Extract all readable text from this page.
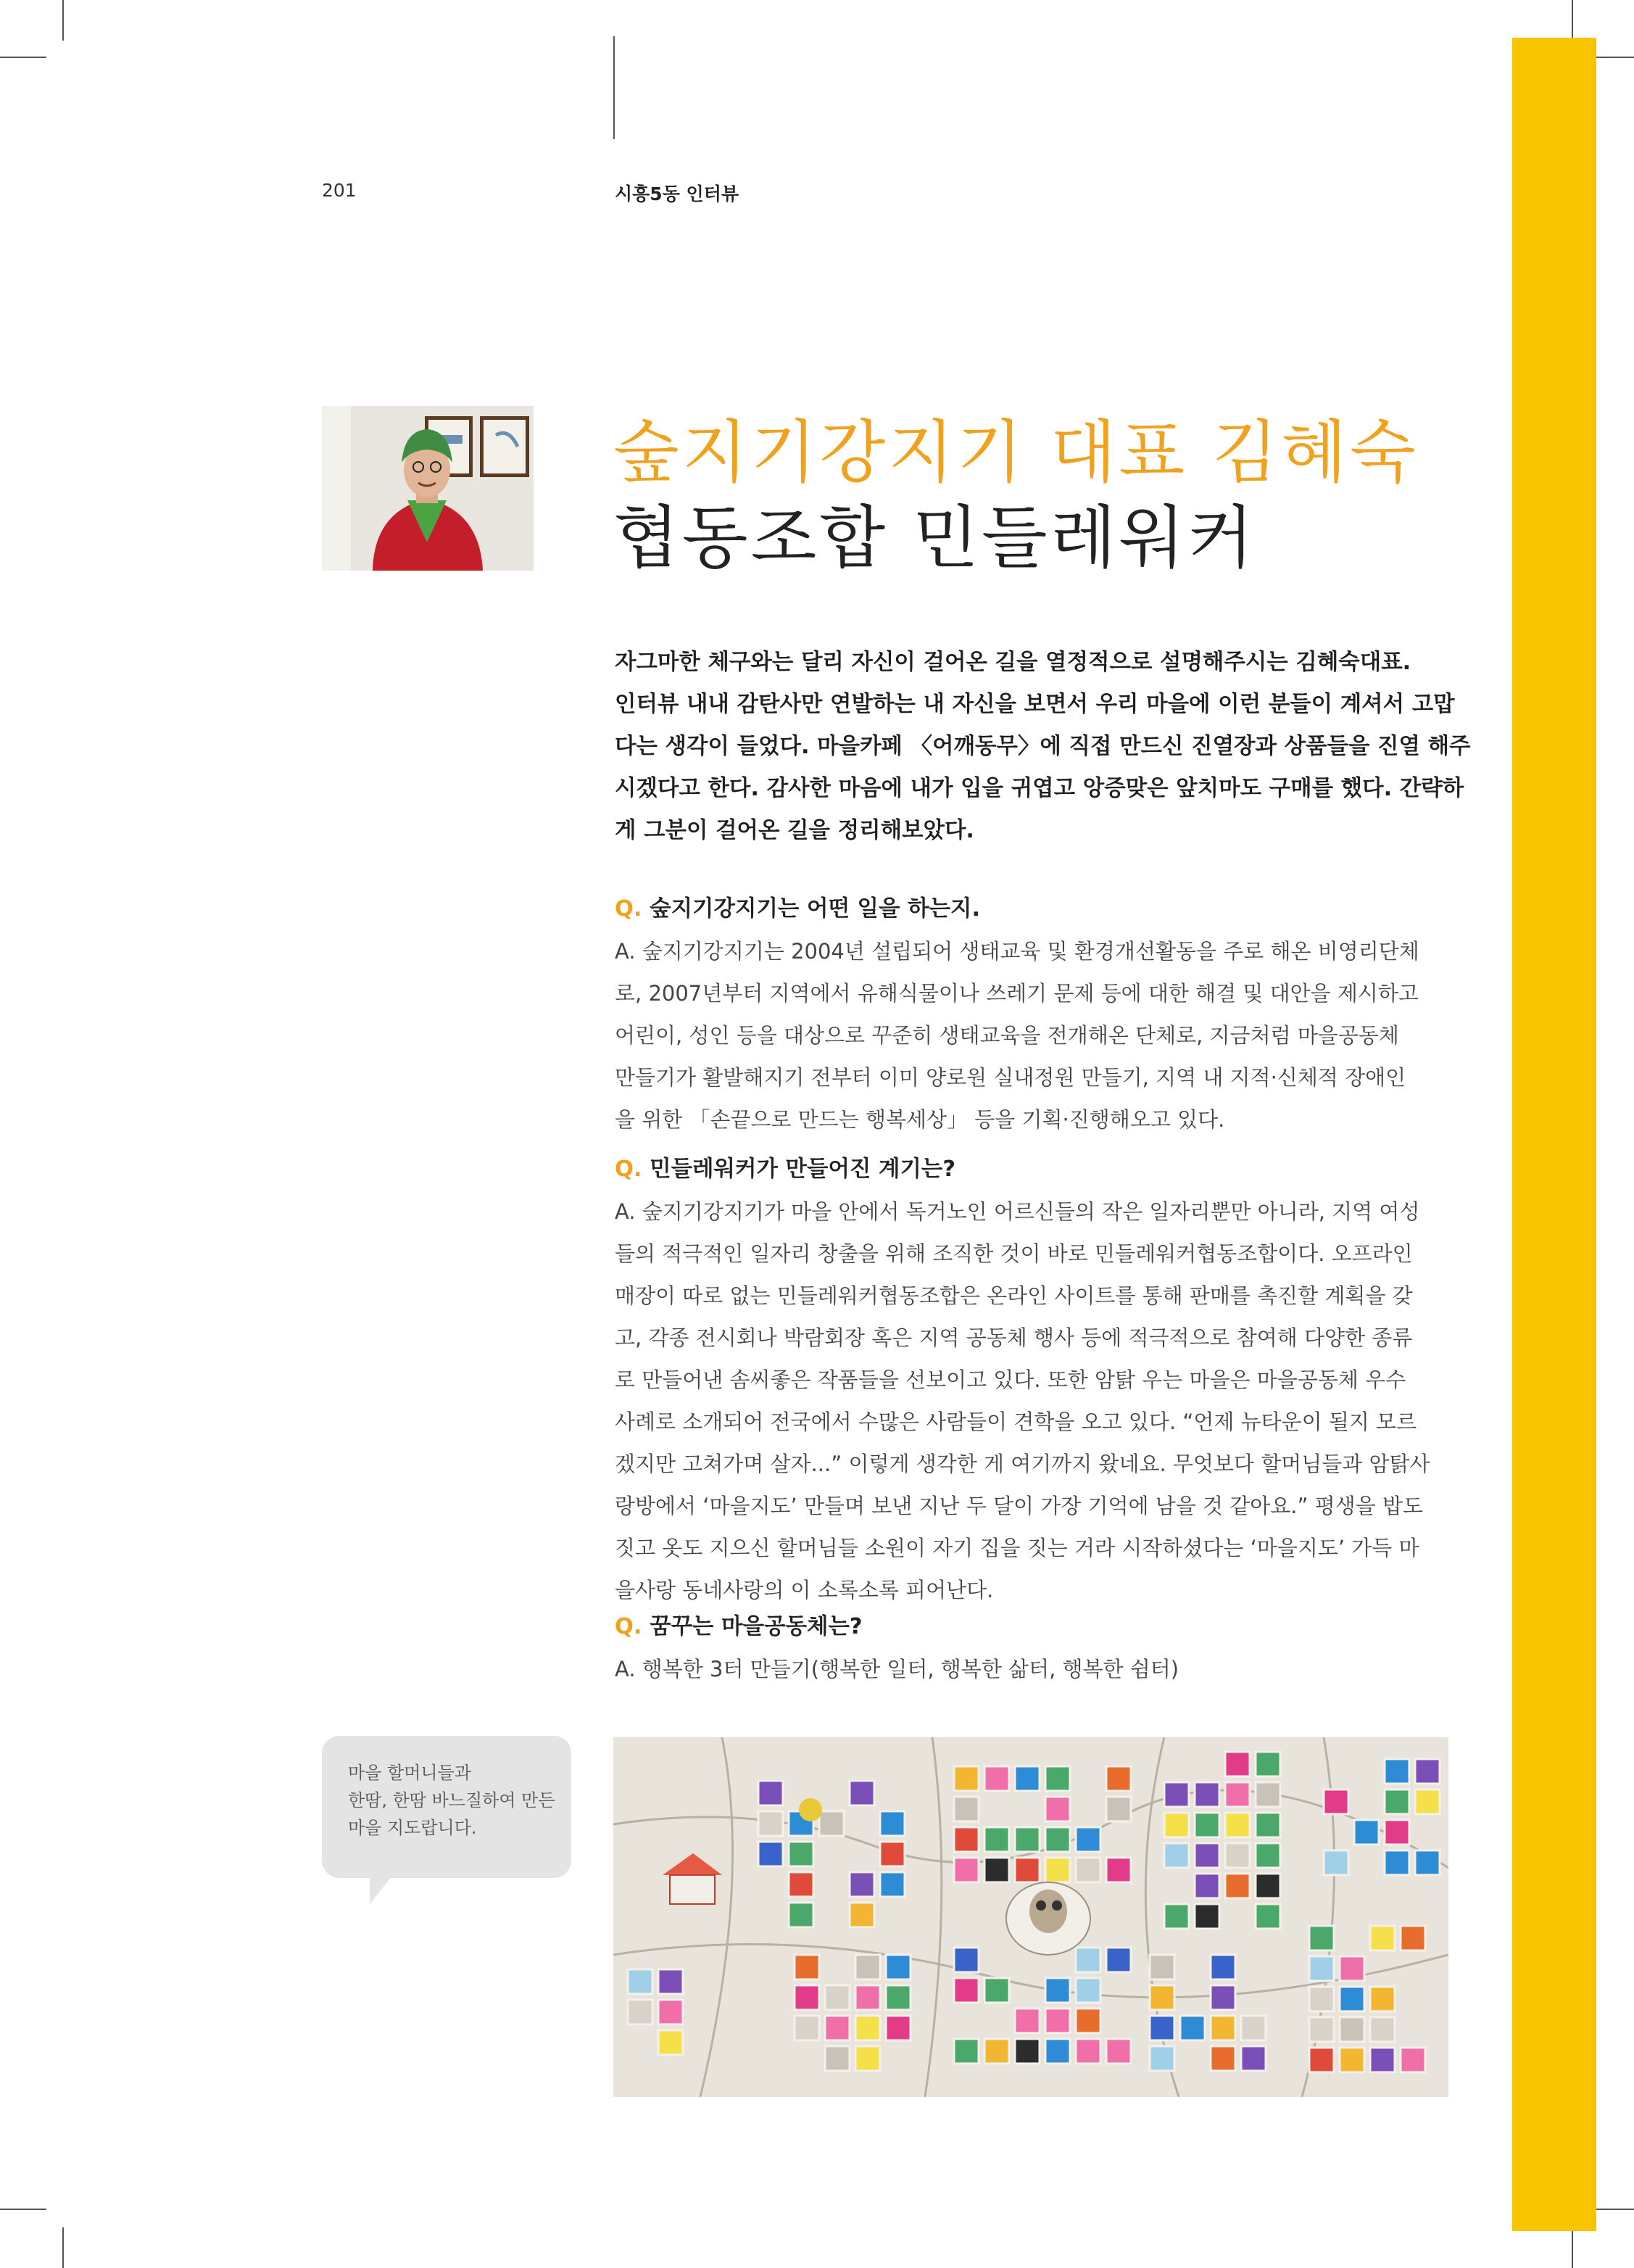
201	시흥5동 인터뷰
숲지기강지기 대표 김혜숙
협동조합 민들레워커
자그마한 체구와는 달리 자신이 걸어온 길을 열정적으로 설명해주시는 김혜숙대표.
인터뷰 내내 감탄사만 연발하는 내 자신을 보면서 우리 마을에 이런 분들이 계셔서 고맙
다는 생각이 들었다. 마을카페 〈어깨동무〉에 직접 만드신 진열장과 상품들을 진열 해주
시겠다고 한다. 감사한 마음에 내가 입을 귀엽고 앙증맞은 앞치마도 구매를 했다. 간략하
게 그분이 걸어온 길을 정리해보았다.
Q. 숲지기강지기는 어떤 일을 하는지.
A. 숲지기강지기는 2004년 설립되어 생태교육 및 환경개선활동을 주로 해온 비영리단체
로, 2007년부터 지역에서 유해식물이나 쓰레기 문제 등에 대한 해결 및 대안을 제시하고
어린이, 성인 등을 대상으로 꾸준히 생태교육을 전개해온 단체로, 지금처럼 마을공동체
만들기가 활발해지기 전부터 이미 양로원 실내정원 만들기, 지역 내 지적·신체적 장애인
을 위한 「손끝으로 만드는 행복세상」 등을 기획·진행해오고 있다.
Q. 민들레워커가 만들어진 계기는?
A. 숲지기강지기가 마을 안에서 독거노인 어르신들의 작은 일자리뿐만 아니라, 지역 여성
들의 적극적인 일자리 창출을 위해 조직한 것이 바로 민들레워커협동조합이다. 오프라인
매장이 따로 없는 민들레워커협동조합은 온라인 사이트를 통해 판매를 촉진할 계획을 갖
고, 각종 전시회나 박람회장 혹은 지역 공동체 행사 등에 적극적으로 참여해 다양한 종류
로 만들어낸 솜씨좋은 작품들을 선보이고 있다. 또한 암탉 우는 마을은 마을공동체 우수
사례로 소개되어 전국에서 수많은 사람들이 견학을 오고 있다. “언제 뉴타운이 될지 모르
겠지만 고쳐가며 살자...” 이렇게 생각한 게 여기까지 왔네요. 무엇보다 할머님들과 암탉사
랑방에서 ‘마을지도’ 만들며 보낸 지난 두 달이 가장 기억에 남을 것 같아요.” 평생을 밥도
짓고 옷도 지으신 할머님들 소원이 자기 집을 짓는 거라 시작하셨다는 ‘마을지도’ 가득 마
을사랑 동네사랑의 이 소록소록 피어난다.
Q. 꿈꾸는 마을공동체는?
A. 행복한 3터 만들기(행복한 일터, 행복한 삶터, 행복한 쉼터)
마을 할머니들과
한땀, 한땀 바느질하여 만든
마을 지도랍니다.
